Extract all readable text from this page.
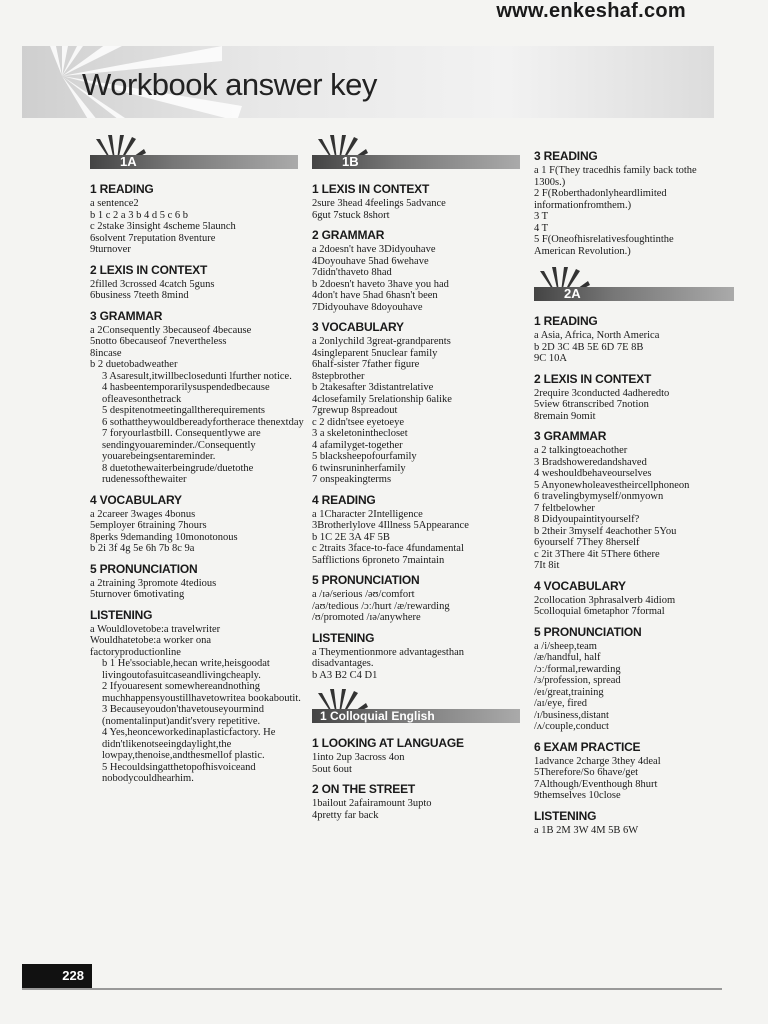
www.enkeshaf.com
Workbook answer key
1A
1 READING

a sentence2

b 1 c 2 a 3 b 4 d 5 c 6 b

c 2stake 3insight 4scheme 5launch

6solvent 7reputation 8venture

9turnover

2 LEXIS IN CONTEXT

2filled 3crossed 4catch 5guns

6business 7teeth 8mind

3 GRAMMAR

a 2Consequently 3becauseof 4because

5notto 6becauseof 7nevertheless

8incase

b 2 duetobadweather

3 Asaresult,itwillbeclosedunti lfurther notice.

4 hasbeentemporarilysuspendedbecause ofleavesonthetrack

5 despitenotmeetingalltherequirements

6 sothattheywouldbereadyfortherace thenextday

7 foryourlastbill. Consequentlywe are sendingyouareminder./Consequently youarebeingsentareminder.

8 duetothewaiterbeingrude/duetothe rudenessofthewaiter

4 VOCABULARY

a 2career 3wages 4bonus

5employer 6training 7hours

8perks 9demanding 10monotonous

b 2i 3f 4g 5e 6h 7b 8c 9a

5 PRONUNCIATION

a 2training 3promote 4tedious

5turnover 6motivating

LISTENING

a Wouldlovetobe:a travelwriter

Wouldhatetobe:a worker ona

factoryproductionline

b 1 He'ssociable,hecan write,heisgoodat livingoutofasuitcaseandlivingcheaply.

2 Ifyouaresent somewhereandnothing muchhappensyoustillhavetowritea bookaboutit.

3 Becauseyoudon'thavetouseyourmind (nomentalinput)andit'svery repetitive.

4 Yes,heonceworkedinaplasticfactory. He didn'tlikenotseeingdaylight,the lowpay,thenoise,andthesmellof plastic.

5 Hecouldsingatthetopofhisvoiceand nobodycouldhearhim.

1B
1 LEXIS IN CONTEXT

2sure 3head 4feelings 5advance

6gut 7stuck 8short

2 GRAMMAR

a 2doesn't have 3Didyouhave

4Doyouhave 5had 6wehave

7didn'thaveto 8had

b 2doesn't haveto 3have you had

4don't have 5had 6hasn't been

7Didyouhave 8doyouhave

3 VOCABULARY

a 2onlychild 3great-grandparents

4singleparent 5nuclear family

6half-sister 7father figure

8stepbrother

b 2takesafter 3distantrelative

4closefamily 5relationship 6alike

7grewup 8spreadout

c 2 didn'tsee eyetoeye

3 a skeletoninthecloset

4 afamilyget-together

5 blacksheepofourfamily

6 twinsruninherfamily

7 onspeakingterms

4 READING

a 1Character 2Intelligence

3Brotherlylove 4Illness 5Appearance

b 1C 2E 3A 4F 5B

c 2traits 3face-to-face 4fundamental

5afflictions 6proneto 7maintain

5 PRONUNCIATION

a /ɪə/serious /əʊ/comfort

/aʊ/tedious /ɔː/hurt /æ/rewarding

/ʊ/promoted /ɪə/anywhere

LISTENING

a Theymentionmore advantagesthan

disadvantages.

b A3 B2 C4 D1

1 Colloquial English
1 LOOKING AT LANGUAGE

1into 2up 3across 4on

5out 6out

2 ON THE STREET

1bailout 2afairamount 3upto

4pretty far back

3 READING

a 1 F(They tracedhis family back tothe

1300s.)

2 F(Roberthadonlyheardlimited

informationfromthem.)

3 T

4 T

5 F(Oneofhisrelativesfoughtinthe

American Revolution.)

2A
1 READING

a Asia, Africa, North America

b 2D 3C 4B 5E 6D 7E 8B

9C 10A

2 LEXIS IN CONTEXT

2require 3conducted 4adheredto

5view 6transcribed 7notion

8remain 9omit

3 GRAMMAR

a 2 talkingtoeachother

3 Bradshoweredandshaved

4 weshouldbehaveourselves

5 Anyonewholeavestheircellphoneon

6 travelingbymyself/onmyown

7 feltbelowher

8 Didyoupaintityourself?

b 2their 3myself 4eachother 5You

6yourself 7They 8herself

c 2it 3There 4it 5There 6there

7It 8it

4 VOCABULARY

2collocation 3phrasalverb 4idiom

5colloquial 6metaphor 7formal

5 PRONUNCIATION

a /i/sheep,team

/æ/handful, half

/ɔː/formal,rewarding

/ɜ/profession, spread

/eɪ/great,training

/aɪ/eye, fired

/ɪ/business,distant

/ʌ/couple,conduct

6 EXAM PRACTICE

1advance 2charge 3they 4deal

5Therefore/So 6have/get

7Although/Eventhough 8hurt

9themselves 10close

LISTENING

a 1B 2M 3W 4M 5B 6W

228
